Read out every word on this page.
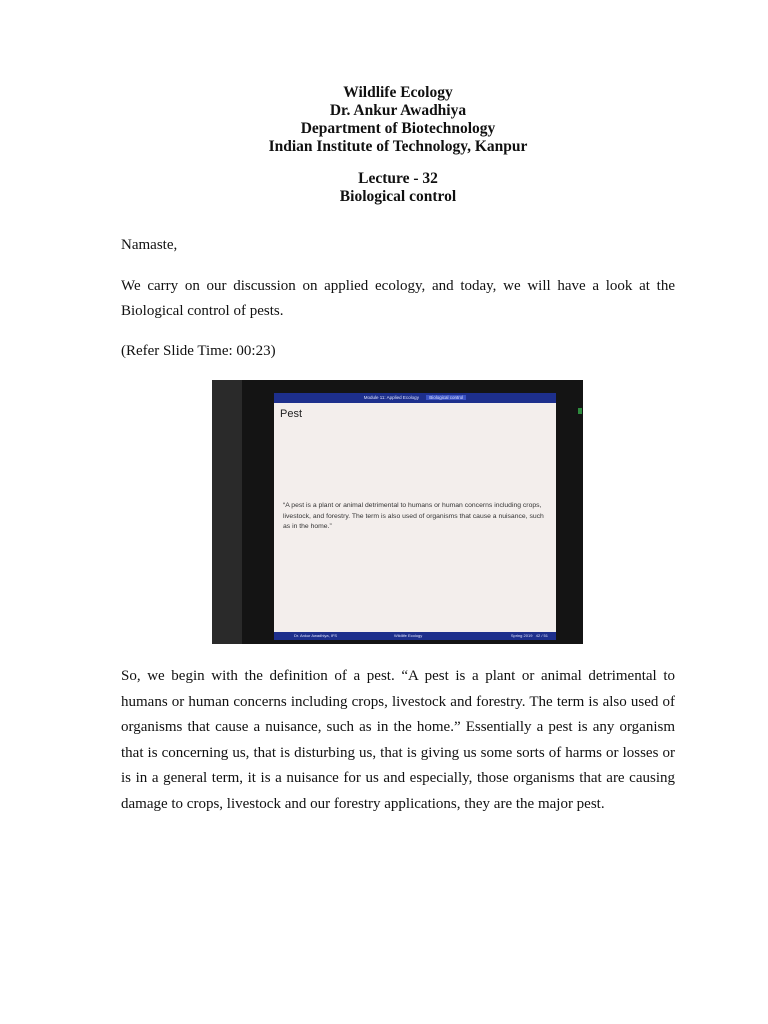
Wildlife Ecology
Dr. Ankur Awadhiya
Department of Biotechnology
Indian Institute of Technology, Kanpur
Lecture - 32
Biological control
Namaste,
We carry on our discussion on applied ecology, and today, we will have a look at the Biological control of pests.
(Refer Slide Time: 00:23)
Module 11: Applied Ecology Biological control
Pest
“A pest is a plant or animal detrimental to humans or human concerns including crops, livestock, and forestry. The term is also used of organisms that cause a nuisance, such as in the home.”
Dr. Ankur Awadhiya, IFS	Wildlife Ecology	Spring 2019 42 / 51
So, we begin with the definition of a pest. “A pest is a plant or animal detrimental to humans or human concerns including crops, livestock and forestry. The term is also used of organisms that cause a nuisance, such as in the home.” Essentially a pest is any organism that is concerning us, that is disturbing us, that is giving us some sorts of harms or losses or is in a general term, it is a nuisance for us and especially, those organisms that are causing damage to crops, livestock and our forestry applications, they are the major pest.
